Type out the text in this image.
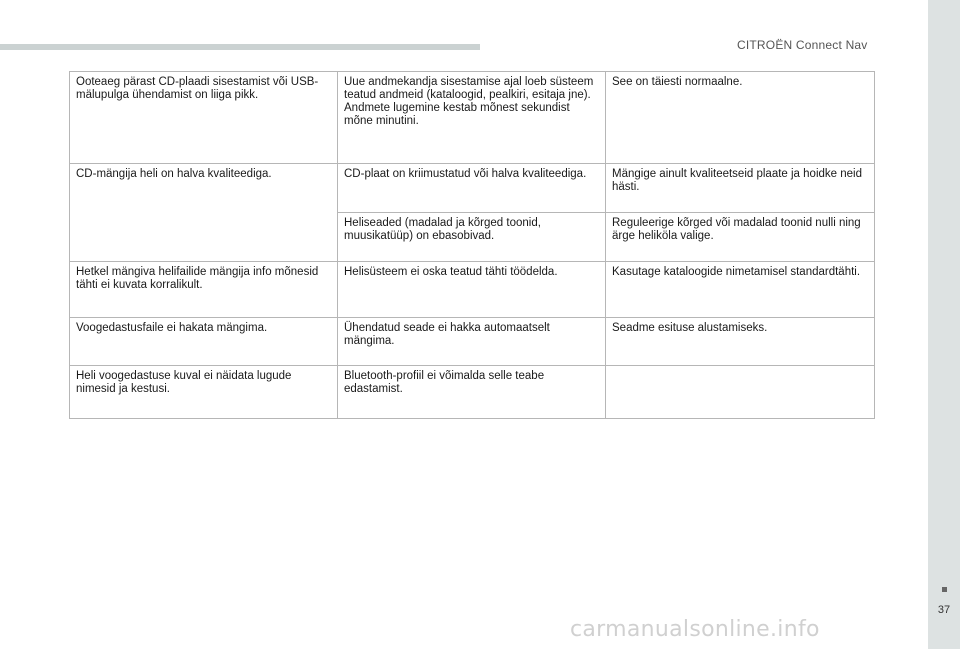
CITROËN Connect Nav
Ooteaeg pärast CD-plaadi sisestamist või USB-mälupulga ühendamist on liiga pikk.	Uue andmekandja sisestamise ajal loeb süsteem teatud andmeid (kataloogid, pealkiri, esitaja jne). Andmete lugemine kestab mõnest sekundist mõne minutini.	See on täiesti normaalne.
CD-mängija heli on halva kvaliteediga.	CD-plaat on kriimustatud või halva kvaliteediga.	Mängige ainult kvaliteetseid plaate ja hoidke neid hästi.
	Heliseaded (madalad ja kõrged toonid, muusikatüüp) on ebasobivad.	Reguleerige kõrged või madalad toonid nulli ning ärge heliköla valige.
Hetkel mängiva helifailide mängija info mõnesid tähti ei kuvata korralikult.	Helisüsteem ei oska teatud tähti töödelda.	Kasutage kataloogide nimetamisel standardtähti.
Voogedastusfaile ei hakata mängima.	Ühendatud seade ei hakka automaatselt mängima.	Seadme esituse alustamiseks.
Heli voogedastuse kuval ei näidata lugude nimesid ja kestusi.	Bluetooth-profiil ei võimalda selle teabe edastamist.	
37
carmanualsonline.info
